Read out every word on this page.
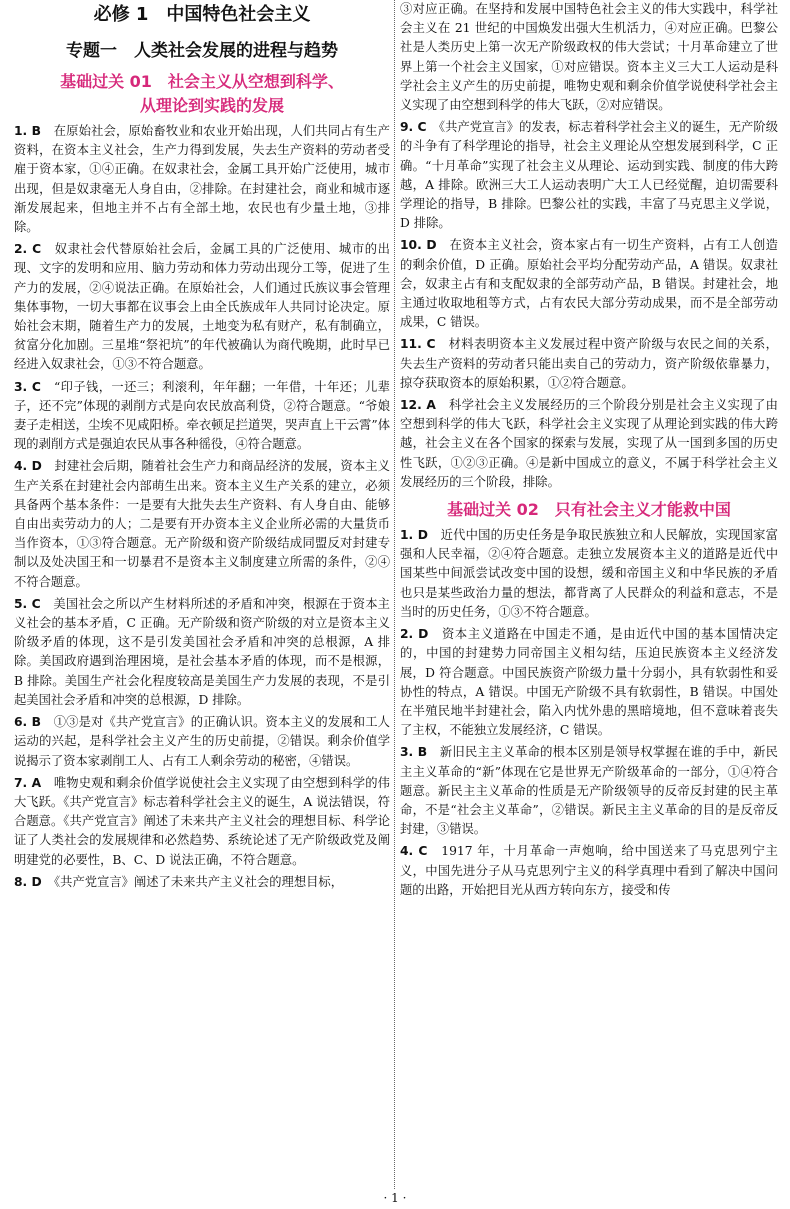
必修 1　中国特色社会主义
专题一　人类社会发展的进程与趋势
基础过关 01　社会主义从空想到科学、
从理论到实践的发展

1. B　 在原始社会，原始畜牧业和农业开始出现，人们共同占有生产资料，在资本主义社会，生产力得到发展，失去生产资料的劳动者受雇于资本家，①④正确。在奴隶社会，金属工具开始广泛使用，城市出现，但是奴隶毫无人身自由，②排除。在封建社会，商业和城市逐渐发展起来，但地主并不占有全部土地，农民也有少量土地，③排除。

2. C　 奴隶社会代替原始社会后，金属工具的广泛使用、城市的出现、文字的发明和应用、脑力劳动和体力劳动出现分工等，促进了生产力的发展，②④说法正确。在原始社会，人们通过氏族议事会管理集体事物，一切大事都在议事会上由全氏族成年人共同讨论决定。原始社会末期，随着生产力的发展，土地变为私有财产，私有制确立，贫富分化加剧。三星堆“祭祀坑”的年代被确认为商代晚期，此时早已经进入奴隶社会，①③不符合题意。

3. C　 “印子钱，一还三；利滚利，年年翻；一年借，十年还；儿辈子，还不完”体现的剥削方式是向农民放高利贷，②符合题意。“爷娘妻子走相送，尘埃不见咸阳桥。牵衣顿足拦道哭，哭声直上干云霄”体现的剥削方式是强迫农民从事各种徭役，④符合题意。

4. D　 封建社会后期，随着社会生产力和商品经济的发展，资本主义生产关系在封建社会内部萌生出来。资本主义生产关系的建立，必须具备两个基本条件：一是要有大批失去生产资料、有人身自由、能够自由出卖劳动力的人；二是要有开办资本主义企业所必需的大量货币当作资本，①③符合题意。无产阶级和资产阶级结成同盟反对封建专制以及处决国王和一切暴君不是资本主义制度建立所需的条件，②④不符合题意。

5. C　 美国社会之所以产生材料所述的矛盾和冲突，根源在于资本主义社会的基本矛盾，C 正确。无产阶级和资产阶级的对立是资本主义阶级矛盾的体现，这不是引发美国社会矛盾和冲突的总根源，A 排除。美国政府遇到治理困境，是社会基本矛盾的体现，而不是根源，B 排除。美国生产社会化程度较高是美国生产力发展的表现，不是引起美国社会矛盾和冲突的总根源，D 排除。

6. B　 ①③是对《共产党宣言》的正确认识。资本主义的发展和工人运动的兴起，是科学社会主义产生的历史前提，②错误。剩余价值学说揭示了资本家剥削工人、占有工人剩余劳动的秘密，④错误。

7. A　 唯物史观和剩余价值学说使社会主义实现了由空想到科学的伟大飞跃。《共产党宣言》标志着科学社会主义的诞生，A 说法错误，符合题意。《共产党宣言》阐述了未来共产主义社会的理想目标、科学论证了人类社会的发展规律和必然趋势、系统论述了无产阶级政党及阐明建党的必要性，B、C、D 说法正确，不符合题意。

8. D　 《共产党宣言》阐述了未来共产主义社会的理想目标，

③对应正确。在坚持和发展中国特色社会主义的伟大实践中，科学社会主义在 21 世纪的中国焕发出强大生机活力，④对应正确。巴黎公社是人类历史上第一次无产阶级政权的伟大尝试；十月革命建立了世界上第一个社会主义国家，①对应错误。资本主义三大工人运动是科学社会主义产生的历史前提，唯物史观和剩余价值学说使科学社会主义实现了由空想到科学的伟大飞跃，②对应错误。

9. C　 《共产党宣言》的发表，标志着科学社会主义的诞生，无产阶级的斗争有了科学理论的指导，社会主义理论从空想发展到科学，C 正确。“十月革命”实现了社会主义从理论、运动到实践、制度的伟大跨越，A 排除。欧洲三大工人运动表明广大工人已经觉醒，迫切需要科学理论的指导，B 排除。巴黎公社的实践，丰富了马克思主义学说，D 排除。

10. D　 在资本主义社会，资本家占有一切生产资料，占有工人创造的剩余价值，D 正确。原始社会平均分配劳动产品，A 错误。奴隶社会，奴隶主占有和支配奴隶的全部劳动产品，B 错误。封建社会，地主通过收取地租等方式，占有农民大部分劳动成果，而不是全部劳动成果，C 错误。

11. C　 材料表明资本主义发展过程中资产阶级与农民之间的关系，失去生产资料的劳动者只能出卖自己的劳动力，资产阶级依靠暴力，掠夺获取资本的原始积累，①②符合题意。

12. A　 科学社会主义发展经历的三个阶段分别是社会主义实现了由空想到科学的伟大飞跃，科学社会主义实现了从理论到实践的伟大跨越，社会主义在各个国家的探索与发展，实现了从一国到多国的历史性飞跃，①②③正确。④是新中国成立的意义，不属于科学社会主义发展经历的三个阶段，排除。

基础过关 02　只有社会主义才能救中国

1. D　 近代中国的历史任务是争取民族独立和人民解放，实现国家富强和人民幸福，②④符合题意。走独立发展资本主义的道路是近代中国某些中间派尝试改变中国的设想，缓和帝国主义和中华民族的矛盾也只是某些政治力量的想法，都背离了人民群众的利益和意志，不是当时的历史任务，①③不符合题意。

2. D　 资本主义道路在中国走不通，是由近代中国的基本国情决定的，中国的封建势力同帝国主义相勾结，压迫民族资本主义经济发展，D 符合题意。中国民族资产阶级力量十分弱小，具有软弱性和妥协性的特点，A 错误。中国无产阶级不具有软弱性，B 错误。中国处在半殖民地半封建社会，陷入内忧外患的黑暗境地，但不意味着丧失了主权，不能独立发展经济，C 错误。

3. B　 新旧民主主义革命的根本区别是领导权掌握在谁的手中，新民主主义革命的“新”体现在它是世界无产阶级革命的一部分，①④符合题意。新民主主义革命的性质是无产阶级领导的反帝反封建的民主革命，不是“社会主义革命”，②错误。新民主主义革命的目的是反帝反封建，③错误。

4. C　 1917 年，十月革命一声炮响，给中国送来了马克思列宁主义，中国先进分子从马克思列宁主义的科学真理中看到了解决中国问题的出路，开始把目光从西方转向东方，接受和传

· 1 ·
